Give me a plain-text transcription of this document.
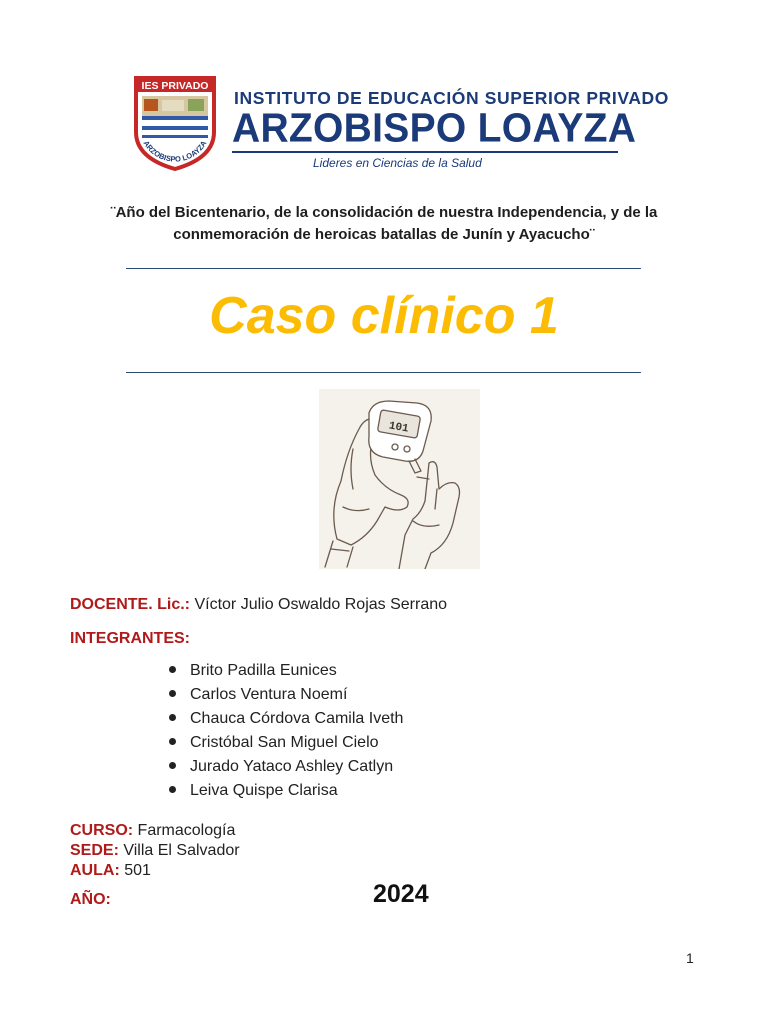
IES PRIVADO
ARZOBISPO LOAYZA
INSTITUTO DE EDUCACIÓN SUPERIOR PRIVADO
ARZOBISPO LOAYZA
Lideres en Ciencias de la Salud
¨Año del Bicentenario, de la consolidación de nuestra Independencia, y de la
conmemoración de heroicas batallas de Junín y Ayacucho¨
Caso clínico 1
101
DOCENTE. Lic.: Víctor Julio Oswaldo Rojas Serrano
INTEGRANTES:
Brito Padilla Eunices
Carlos Ventura Noemí
Chauca Córdova Camila Iveth
Cristóbal San Miguel Cielo
Jurado Yataco Ashley Catlyn
Leiva Quispe Clarisa
CURSO: Farmacología
SEDE: Villa El Salvador
AULA: 501
AÑO:	2024
1
